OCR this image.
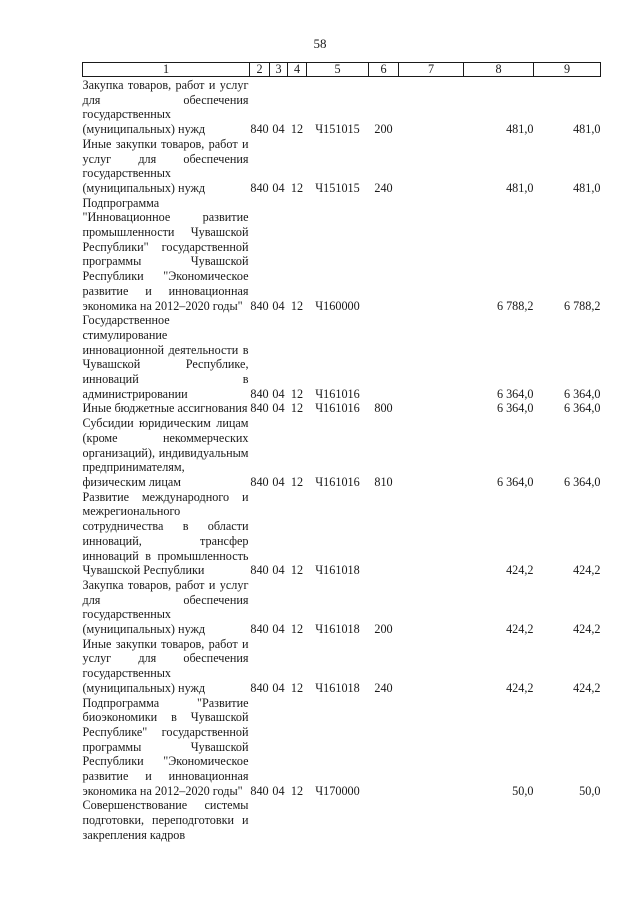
58
1	2	3	4	5	6	7	8	9
Закупка товаров, работ и услуг для обеспечения государственных (муниципальных) нужд	840	04	12	Ч151015	200		481,0	481,0
Иные закупки товаров, работ и услуг для обеспечения государственных (муниципальных) нужд	840	04	12	Ч151015	240		481,0	481,0
Подпрограмма "Инновационное развитие промышленности Чувашской Республики" государственной программы Чувашской Республики "Экономическое развитие и инновационная экономика на 2012–2020 годы"	840	04	12	Ч160000			6 788,2	6 788,2
Государственное стимулирование инновационной деятельности в Чувашской Республике, инноваций в администрировании	840	04	12	Ч161016			6 364,0	6 364,0
Иные бюджетные ассигнования	840	04	12	Ч161016	800		6 364,0	6 364,0
Субсидии юридическим лицам (кроме некоммерческих организаций), индивидуальным предпринимателям, физическим лицам	840	04	12	Ч161016	810		6 364,0	6 364,0
Развитие международного и межрегионального сотрудничества в области инноваций, трансфер инноваций в промышленность Чувашской Республики	840	04	12	Ч161018			424,2	424,2
Закупка товаров, работ и услуг для обеспечения государственных (муниципальных) нужд	840	04	12	Ч161018	200		424,2	424,2
Иные закупки товаров, работ и услуг для обеспечения государственных (муниципальных) нужд	840	04	12	Ч161018	240		424,2	424,2
Подпрограмма "Развитие биоэкономики в Чувашской Республике" государственной программы Чувашской Республики "Экономическое развитие и инновационная экономика на 2012–2020 годы"	840	04	12	Ч170000			50,0	50,0
Совершенствование системы подготовки, переподготовки и закрепления кадров								
